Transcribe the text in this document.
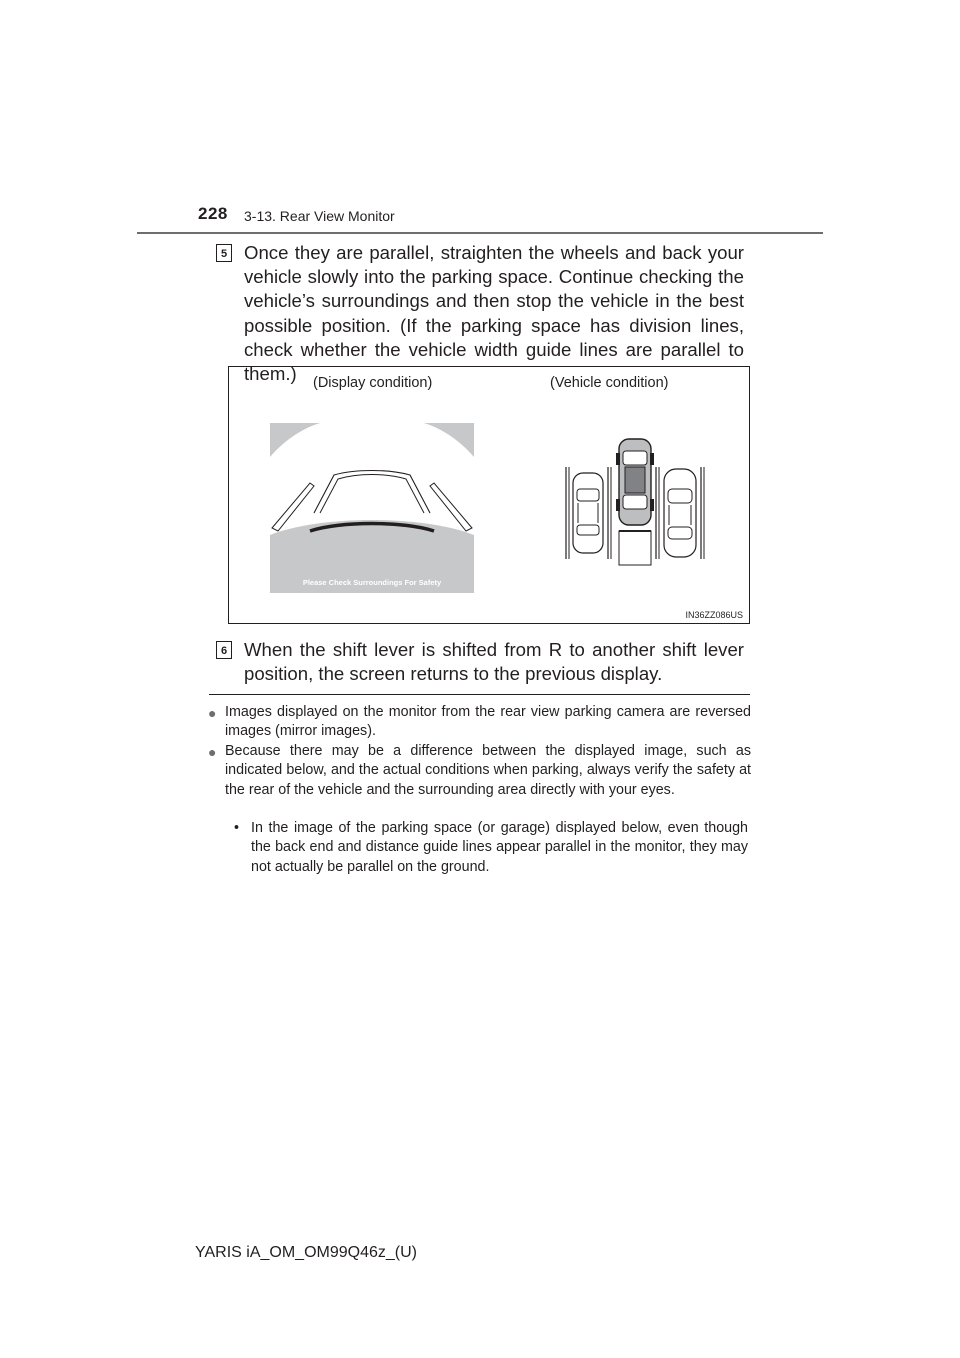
228 3-13. Rear View Monitor
5 Once they are parallel, straighten the wheels and back your vehicle slowly into the parking space. Continue checking the vehicle’s surroundings and then stop the vehicle in the best possible position. (If the parking space has division lines, check whether the vehicle width guide lines are parallel to them.)	(Display condition)	(Vehicle condition)
Please Check Surroundings For Safety
IN36ZZ086US
6 When the shift lever is shifted from R to another shift lever position, the screen returns to the previous display.
● Images displayed on the monitor from the rear view parking camera are reversed images (mirror images).
● Because there may be a difference between the displayed image, such as indicated below, and the actual conditions when parking, always verify the safety at the rear of the vehicle and the surrounding area directly with your eyes.
• In the image of the parking space (or garage) displayed below, even though the back end and distance guide lines appear parallel in the monitor, they may not actually be parallel on the ground.
YARIS iA_OM_OM99Q46z_(U)
